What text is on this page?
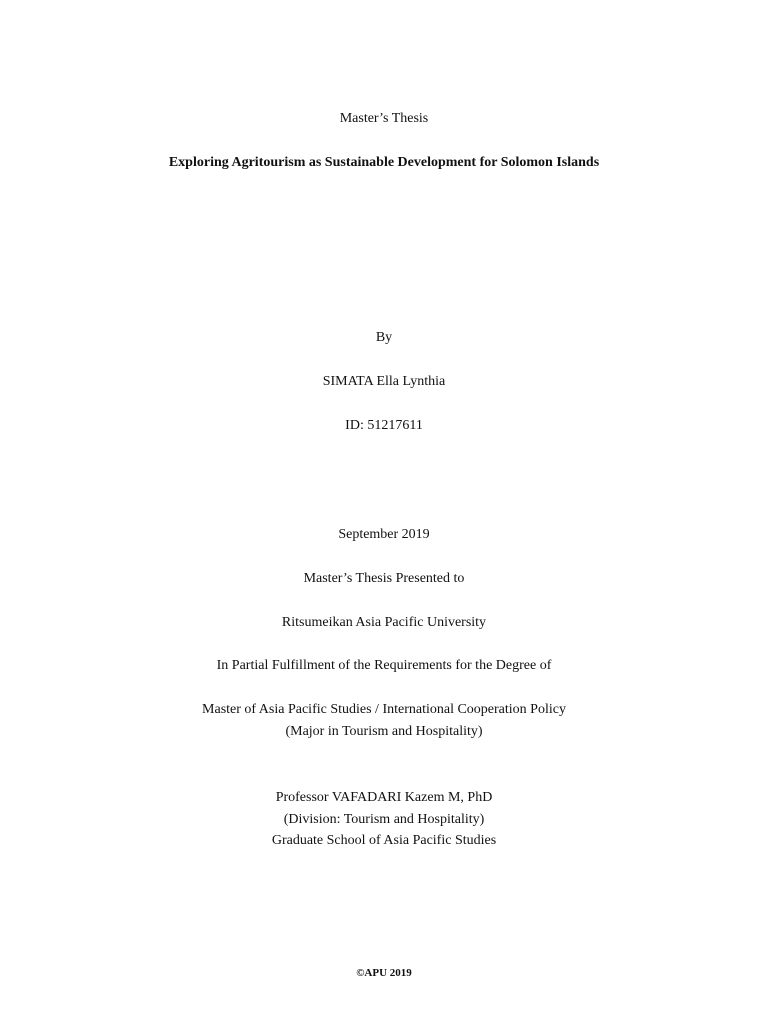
Master’s Thesis
Exploring Agritourism as Sustainable Development for Solomon Islands
By
SIMATA Ella Lynthia
ID: 51217611
September 2019
Master’s Thesis Presented to
Ritsumeikan Asia Pacific University
In Partial Fulfillment of the Requirements for the Degree of
Master of Asia Pacific Studies / International Cooperation Policy
(Major in Tourism and Hospitality)
Professor VAFADARI Kazem M, PhD
(Division: Tourism and Hospitality)
Graduate School of Asia Pacific Studies
©APU 2019
